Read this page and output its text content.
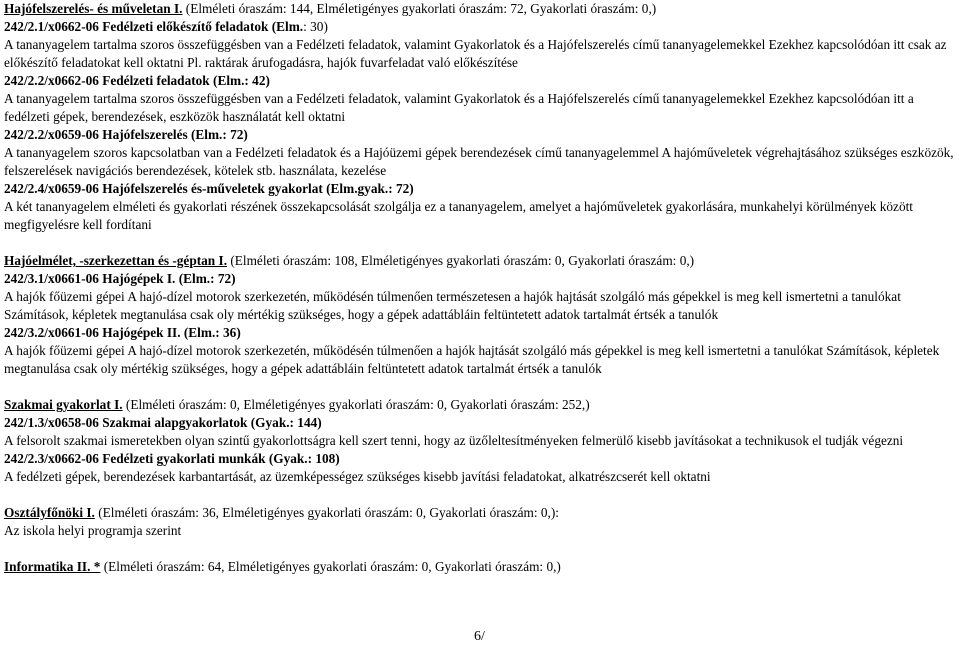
Hajófelszerelés- és műveletan I. (Elméleti óraszám: 144, Elméletigényes gyakorlati óraszám: 72, Gyakorlati óraszám: 0,)
242/2.1/x0662-06 Fedélzeti előkészítő feladatok (Elm.: 30)
A tananyagelem tartalma szoros összefüggésben van a Fedélzeti feladatok, valamint Gyakorlatok és a Hajófelszerelés című tananyagelemekkel Ezekhez kapcsolódóan itt csak az előkészítő feladatokat kell oktatni Pl. raktárak árufogadásra, hajók fuvarfeladat való előkészítése
242/2.2/x0662-06 Fedélzeti feladatok (Elm.: 42)
A tananyagelem tartalma szoros összefüggésben van a Fedélzeti feladatok, valamint Gyakorlatok és a Hajófelszerelés című tananyagelemekkel Ezekhez kapcsolódóan itt a fedélzeti gépek, berendezések, eszközök használatát kell oktatni
242/2.2/x0659-06 Hajófelszerelés (Elm.: 72)
A tananyagelem szoros kapcsolatban van a Fedélzeti feladatok és a Hajóüzemi gépek berendezések című tananyagelemmel A hajóműveletek végrehajtásához szükséges eszközök, felszerelések navigációs berendezések, kötelek stb. használata, kezelése
242/2.4/x0659-06 Hajófelszerelés és-műveletek gyakorlat (Elm.gyak.: 72)
A két tananyagelem elméleti és gyakorlati részének összekapcsolását szolgálja ez a tananyagelem, amelyet a hajóműveletek gyakorlására, munkahelyi körülmények között megfigyelésre kell fordítani
Hajóelmélet, -szerkezettan és -géptan I. (Elméleti óraszám: 108, Elméletigényes gyakorlati óraszám: 0, Gyakorlati óraszám: 0,)
242/3.1/x0661-06 Hajógépek I. (Elm.: 72)
A hajók főüzemi gépei A hajó-dízel motorok szerkezetén, működésén túlmenően természetesen a hajók hajtását szolgáló más gépekkel is meg kell ismertetni a tanulókat Számítások, képletek megtanulása csak oly mértékig szükséges, hogy a gépek adattábláin feltüntetett adatok tartalmát értsék a tanulók
242/3.2/x0661-06 Hajógépek II. (Elm.: 36)
A hajók főüzemi gépei A hajó-dízel motorok szerkezetén, működésén túlmenően a hajók hajtását szolgáló más gépekkel is meg kell ismertetni a tanulókat Számítások, képletek megtanulása csak oly mértékig szükséges, hogy a gépek adattábláin feltüntetett adatok tartalmát értsék a tanulók
Szakmai gyakorlat I. (Elméleti óraszám: 0, Elméletigényes gyakorlati óraszám: 0, Gyakorlati óraszám: 252,)
242/1.3/x0658-06 Szakmai alapgyakorlatok (Gyak.: 144)
A felsorolt szakmai ismeretekben olyan szintű gyakorlottságra kell szert tenni, hogy az üzőleltesítményeken felmerülő kisebb javításokat a technikusok el tudják végezni
242/2.3/x0662-06 Fedélzeti gyakorlati munkák (Gyak.: 108)
A fedélzeti gépek, berendezések karbantartását, az üzemképességez szükséges kisebb javítási feladatokat, alkatrészcserét kell oktatni
Osztályfőnöki I. (Elméleti óraszám: 36, Elméletigényes gyakorlati óraszám: 0, Gyakorlati óraszám: 0,):
Az iskola helyi programja szerint
Informatika II. * (Elméleti óraszám: 64, Elméletigényes gyakorlati óraszám: 0, Gyakorlati óraszám: 0,)
6/
